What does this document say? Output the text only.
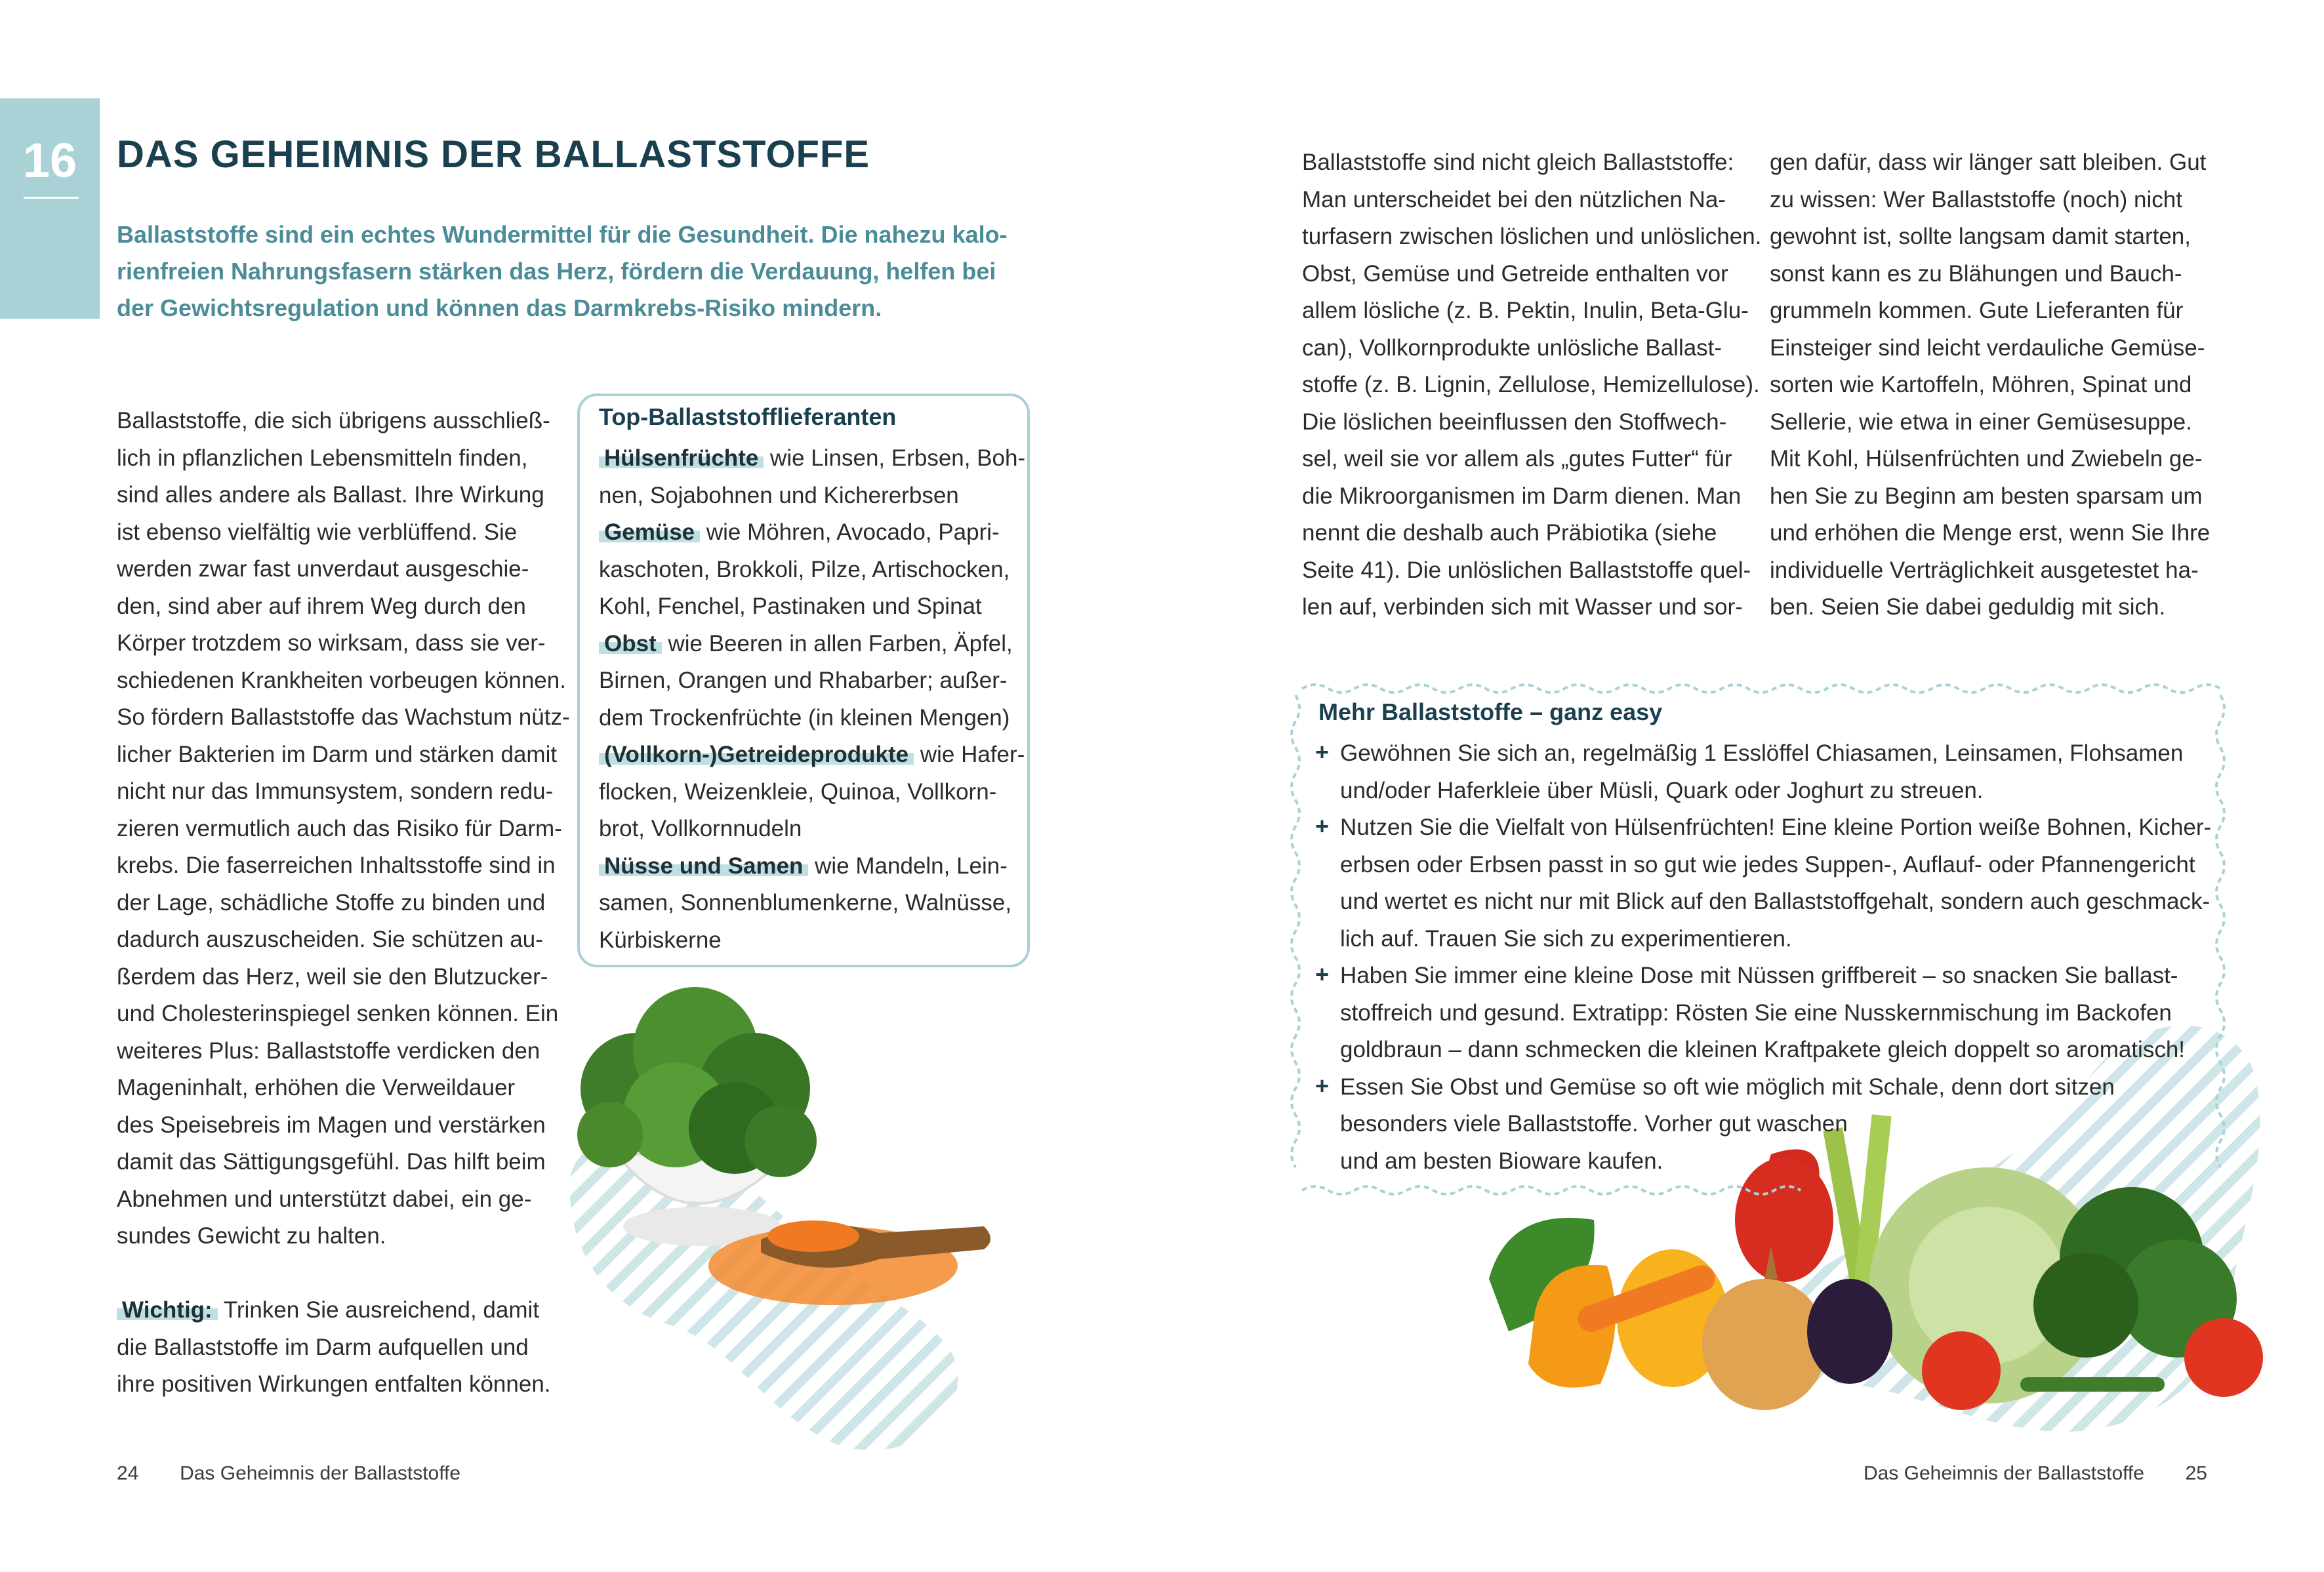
16	DAS GEHEIMNIS DER BALLASTSTOFFE
Ballaststoffe sind ein echtes Wundermittel für die Gesundheit. Die nahezu kalo-
rienfreien Nahrungsfasern stärken das Herz, fördern die Verdauung, helfen bei
der Gewichtsregulation und können das Darmkrebs-Risiko mindern.
Ballaststoffe, die sich übrigens ausschließ-
lich in pflanzlichen Lebensmitteln finden,
sind alles andere als Ballast. Ihre Wirkung
ist ebenso vielfältig wie verblüffend. Sie
werden zwar fast unverdaut ausgeschie-
den, sind aber auf ihrem Weg durch den
Körper trotzdem so wirksam, dass sie ver-
schiedenen Krankheiten vorbeugen können.
So fördern Ballaststoffe das Wachstum nütz-
licher Bakterien im Darm und stärken damit
nicht nur das Immunsystem, sondern redu-
zieren vermutlich auch das Risiko für Darm-
krebs. Die faserreichen Inhaltsstoffe sind in
der Lage, schädliche Stoffe zu binden und
dadurch auszuscheiden. Sie schützen au-
ßerdem das Herz, weil sie den Blutzucker-
und Cholesterinspiegel senken können. Ein
weiteres Plus: Ballaststoffe verdicken den
Mageninhalt, erhöhen die Verweildauer
des Speisebreis im Magen und verstärken
damit das Sättigungsgefühl. Das hilft beim
Abnehmen und unterstützt dabei, ein ge-
sundes Gewicht zu halten.
Wichtig: Trinken Sie ausreichend, damit
die Ballaststoffe im Darm aufquellen und
ihre positiven Wirkungen entfalten können.
Top-Ballaststofflieferanten
Hülsenfrüchte wie Linsen, Erbsen, Boh-
nen, Sojabohnen und Kichererbsen
Gemüse wie Möhren, Avocado, Papri-
kaschoten, Brokkoli, Pilze, Artischocken,
Kohl, Fenchel, Pastinaken und Spinat
Obst wie Beeren in allen Farben, Äpfel,
Birnen, Orangen und Rhabarber; außer-
dem Trockenfrüchte (in kleinen Mengen)
(Vollkorn-)Getreideprodukte wie Hafer-
flocken, Weizenkleie, Quinoa, Vollkorn-
brot, Vollkornnudeln
Nüsse und Samen wie Mandeln, Lein-
samen, Sonnenblumenkerne, Walnüsse,
Kürbiskerne
Ballaststoffe sind nicht gleich Ballaststoffe:
Man unterscheidet bei den nützlichen Na-
turfasern zwischen löslichen und unlöslichen.
Obst, Gemüse und Getreide enthalten vor
allem lösliche (z. B. Pektin, Inulin, Beta-Glu-
can), Vollkornprodukte unlösliche Ballast-
stoffe (z. B. Lignin, Zellulose, Hemizellulose).
Die löslichen beeinflussen den Stoffwech-
sel, weil sie vor allem als „gutes Futter“ für
die Mikroorganismen im Darm dienen. Man
nennt die deshalb auch Präbiotika (siehe
Seite 41). Die unlöslichen Ballaststoffe quel-
len auf, verbinden sich mit Wasser und sor-
gen dafür, dass wir länger satt bleiben. Gut
zu wissen: Wer Ballaststoffe (noch) nicht
gewohnt ist, sollte langsam damit starten,
sonst kann es zu Blähungen und Bauch-
grummeln kommen. Gute Lieferanten für
Einsteiger sind leicht verdauliche Gemüse-
sorten wie Kartoffeln, Möhren, Spinat und
Sellerie, wie etwa in einer Gemüsesuppe.
Mit Kohl, Hülsenfrüchten und Zwiebeln ge-
hen Sie zu Beginn am besten sparsam um
und erhöhen die Menge erst, wenn Sie Ihre
individuelle Verträglichkeit ausgetestet ha-
ben. Seien Sie dabei geduldig mit sich.
Mehr Ballaststoffe – ganz easy
Gewöhnen Sie sich an, regelmäßig 1 Esslöffel Chiasamen, Leinsamen, Flohsamen
und/oder Haferkleie über Müsli, Quark oder Joghurt zu streuen.
Nutzen Sie die Vielfalt von Hülsenfrüchten! Eine kleine Portion weiße Bohnen, Kicher-
erbsen oder Erbsen passt in so gut wie jedes Suppen-, Auflauf- oder Pfannengericht
und wertet es nicht nur mit Blick auf den Ballaststoffgehalt, sondern auch geschmack-
lich auf. Trauen Sie sich zu experimentieren.
Haben Sie immer eine kleine Dose mit Nüssen griffbereit – so snacken Sie ballast-
stoffreich und gesund. Extratipp: Rösten Sie eine Nusskernmischung im Backofen
goldbraun – dann schmecken die kleinen Kraftpakete gleich doppelt so aromatisch!
Essen Sie Obst und Gemüse so oft wie möglich mit Schale, denn dort sitzen
besonders viele Ballaststoffe. Vorher gut waschen
und am besten Bioware kaufen.
+
+
+
+
24 Das Geheimnis der Ballaststoffe	Das Geheimnis der Ballaststoffe 25
